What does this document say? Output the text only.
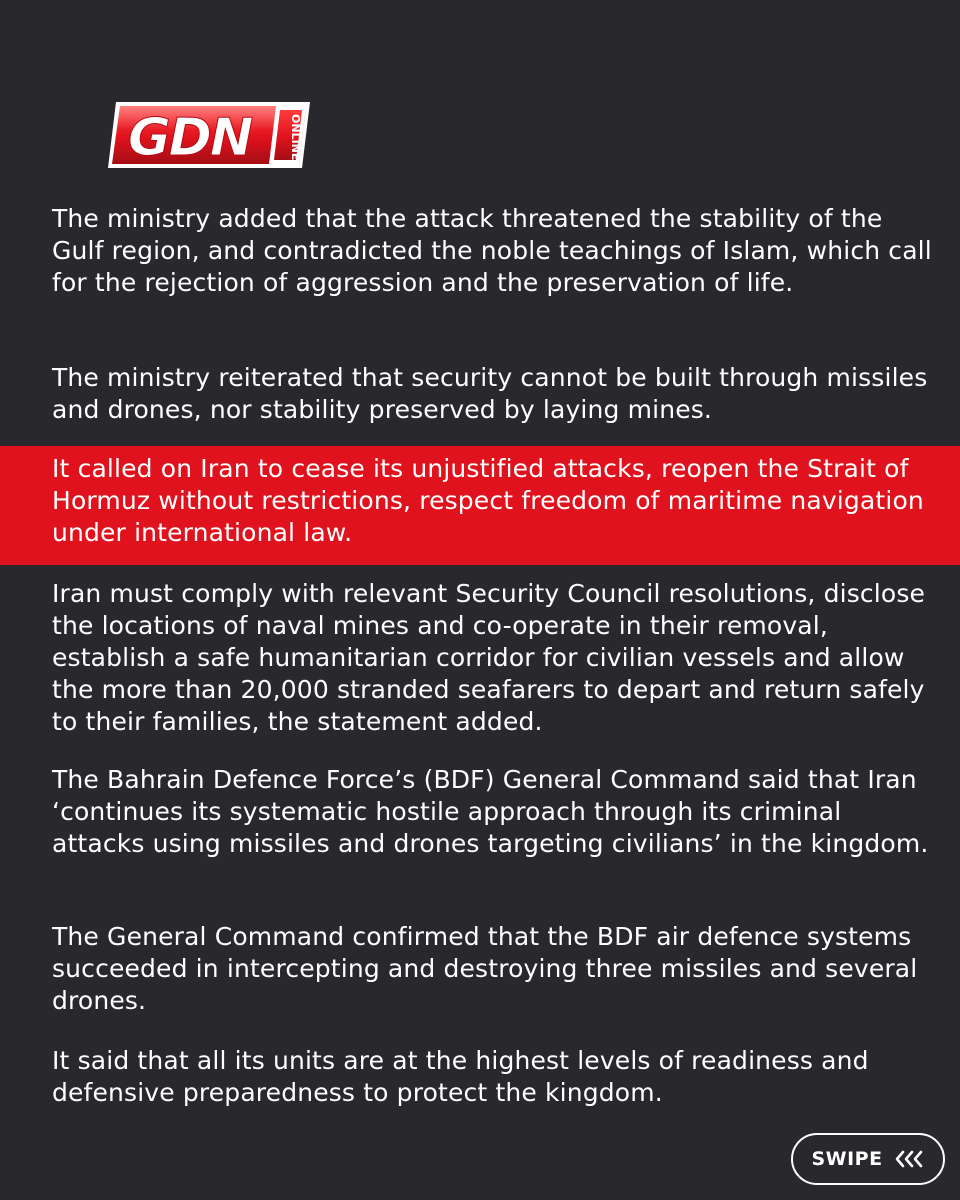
GDN	ONLINE

The ministry added that the attack threatened the stability of the Gulf region, and contradicted the noble teachings of Islam, which call for the rejection of aggression and the preservation of life.

The ministry reiterated that security cannot be built through missiles and drones, nor stability preserved by laying mines.

It called on Iran to cease its unjustified attacks, reopen the Strait of Hormuz without restrictions, respect freedom of maritime navigation under international law.

Iran must comply with relevant Security Council resolutions, disclose the locations of naval mines and co-operate in their removal, establish a safe humanitarian corridor for civilian vessels and allow the more than 20,000 stranded seafarers to depart and return safely to their families, the statement added.

The Bahrain Defence Force’s (BDF) General Command said that Iran ‘continues its systematic hostile approach through its criminal attacks using missiles and drones targeting civilians’ in the kingdom.

The General Command confirmed that the BDF air defence systems succeeded in intercepting and destroying three missiles and several drones.

It said that all its units are at the highest levels of readiness and defensive preparedness to protect the kingdom.

SWIPE
